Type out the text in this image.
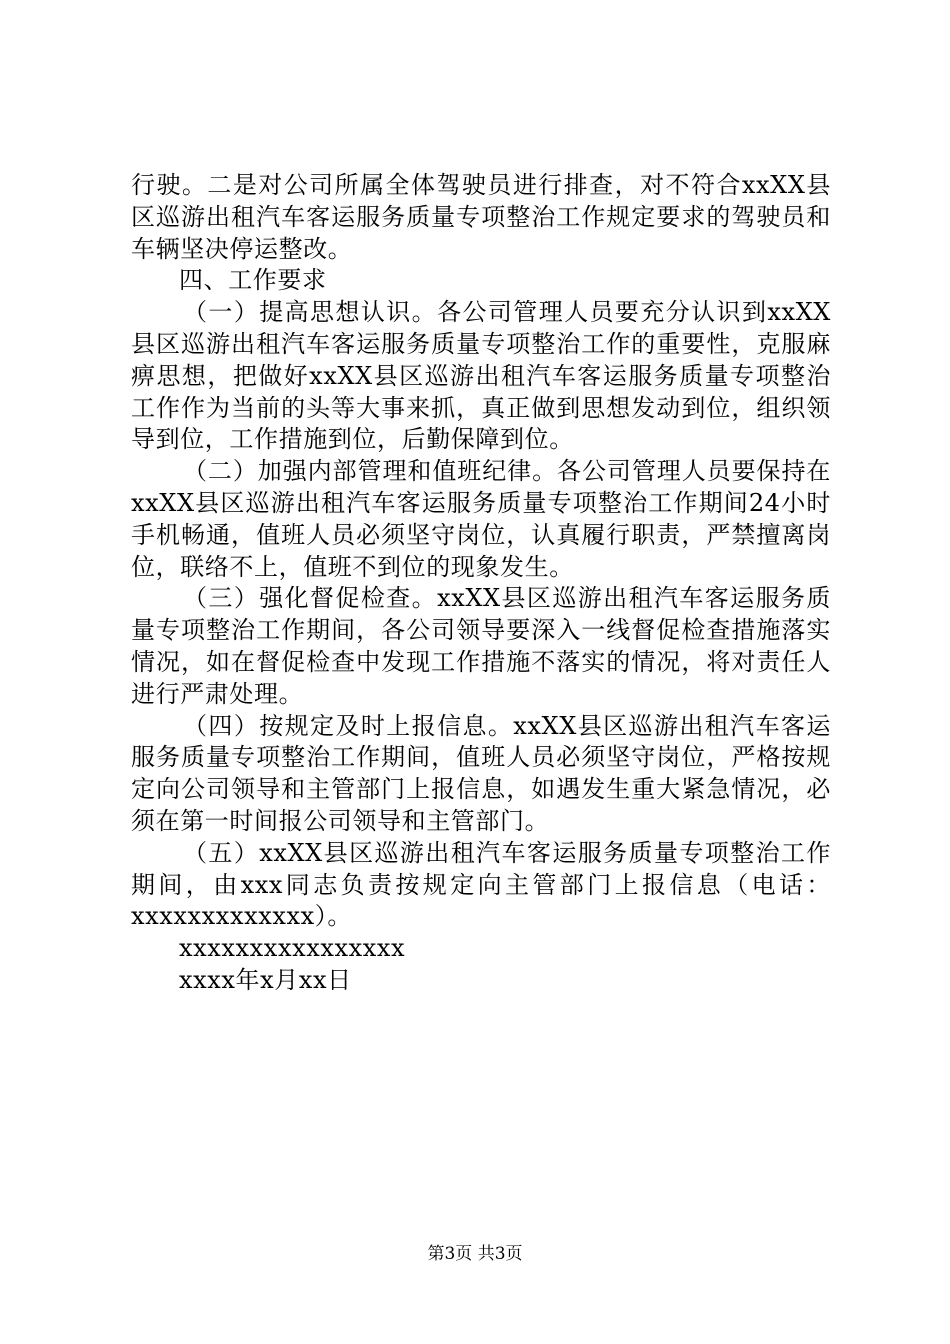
行驶。二是对公司所属全体驾驶员进行排查，对不符合xxXX县区巡游出租汽车客运服务质量专项整治工作规定要求的驾驶员和车辆坚决停运整改。

四、工作要求

（一）提高思想认识。各公司管理人员要充分认识到xxXX县区巡游出租汽车客运服务质量专项整治工作的重要性，克服麻痹思想，把做好xxXX县区巡游出租汽车客运服务质量专项整治工作作为当前的头等大事来抓，真正做到思想发动到位，组织领导到位，工作措施到位，后勤保障到位。

（二）加强内部管理和值班纪律。各公司管理人员要保持在xxXX县区巡游出租汽车客运服务质量专项整治工作期间24小时手机畅通，值班人员必须坚守岗位，认真履行职责，严禁擅离岗位，联络不上，值班不到位的现象发生。

（三）强化督促检查。xxXX县区巡游出租汽车客运服务质量专项整治工作期间，各公司领导要深入一线督促检查措施落实情况，如在督促检查中发现工作措施不落实的情况，将对责任人进行严肃处理。

（四）按规定及时上报信息。xxXX县区巡游出租汽车客运服务质量专项整治工作期间，值班人员必须坚守岗位，严格按规定向公司领导和主管部门上报信息，如遇发生重大紧急情况，必须在第一时间报公司领导和主管部门。

（五）xxXX县区巡游出租汽车客运服务质量专项整治工作期间，由xxx同志负责按规定向主管部门上报信息（电话：xxxxxxxxxxxxx）。

xxxxxxxxxxxxxxxx

xxxx年x月xx日

第3页 共3页
